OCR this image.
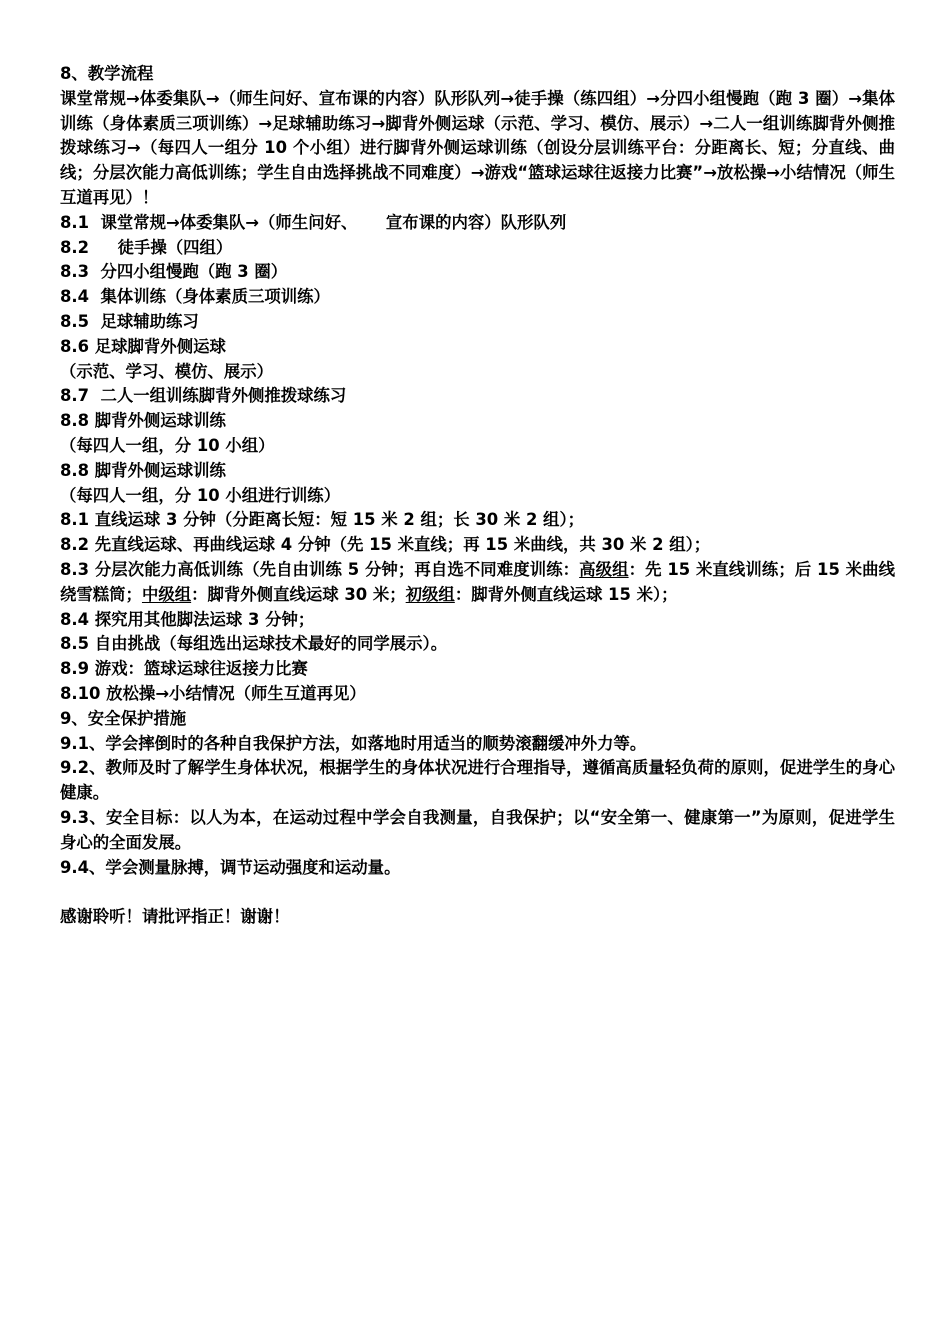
8、教学流程
课堂常规→体委集队→（师生问好、宣布课的内容）队形队列→徒手操（练四组）→分四小组慢跑（跑 3 圈）→集体训练（身体素质三项训练）→足球辅助练习→脚背外侧运球（示范、学习、模仿、展示）→二人一组训练脚背外侧推拨球练习→（每四人一组分 10 个小组）进行脚背外侧运球训练（创设分层训练平台：分距离长、短；分直线、曲线；分层次能力高低训练；学生自由选择挑战不同难度）→游戏“篮球运球往返接力比赛”→放松操→小结情况（师生互道再见）！
8.1  课堂常规→体委集队→（师生问好、     宣布课的内容）队形队列
8.2     徒手操（四组）
8.3  分四小组慢跑（跑 3 圈）
8.4  集体训练（身体素质三项训练）
8.5  足球辅助练习
8.6 足球脚背外侧运球
（示范、学习、模仿、展示）
8.7  二人一组训练脚背外侧推拨球练习
8.8 脚背外侧运球训练
（每四人一组，分 10 小组）
8.8 脚背外侧运球训练
（每四人一组，分 10 小组进行训练）
8.1 直线运球 3 分钟（分距离长短：短 15 米 2 组；长 30 米 2 组）；
8.2 先直线运球、再曲线运球 4 分钟（先 15 米直线；再 15 米曲线，共 30 米 2 组）；
8.3 分层次能力高低训练（先自由训练 5 分钟；再自选不同难度训练：高级组：先 15 米直线训练；后 15 米曲线绕雪糕筒；中级组：脚背外侧直线运球 30 米；初级组：脚背外侧直线运球 15 米）；
8.4 探究用其他脚法运球 3 分钟；
8.5 自由挑战（每组选出运球技术最好的同学展示）。
8.9 游戏：篮球运球往返接力比赛
8.10 放松操→小结情况（师生互道再见）
9、安全保护措施
9.1、学会摔倒时的各种自我保护方法，如落地时用适当的顺势滚翻缓冲外力等。
9.2、教师及时了解学生身体状况，根据学生的身体状况进行合理指导，遵循高质量轻负荷的原则，促进学生的身心健康。
9.3、安全目标：以人为本，在运动过程中学会自我测量，自我保护；以“安全第一、健康第一”为原则，促进学生身心的全面发展。
9.4、学会测量脉搏，调节运动强度和运动量。
感谢聆听！请批评指正！谢谢！
